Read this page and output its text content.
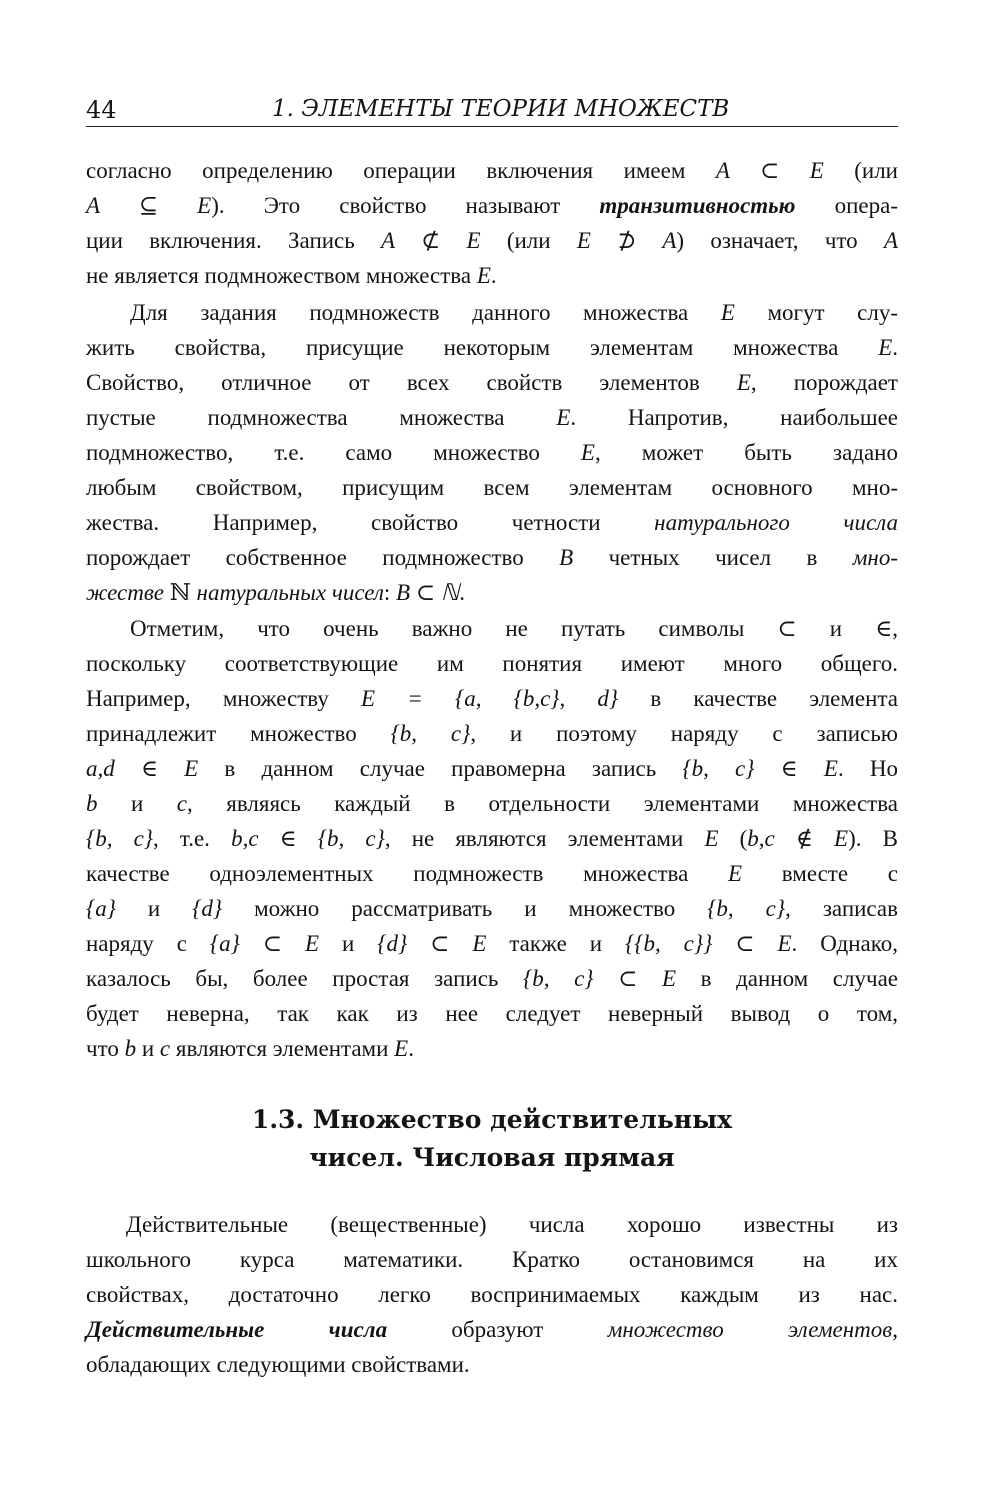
44	1. ЭЛЕМЕНТЫ ТЕОРИИ МНОЖЕСТВ
согласно определению операции включения имеем A ⊂ E (или
A ⊆ E). Это свойство называют транзитивностью опера-
ции включения. Запись A ⊄ E (или E ⊅ A) означает, что A
не является подмножеством множества E.
Для задания подмножеств данного множества E могут слу-
жить свойства, присущие некоторым элементам множества E.
Свойство, отличное от всех свойств элементов E, порождает
пустые подмножества множества E. Напротив, наибольшее
подмножество, т.е. само множество E, может быть задано
любым свойством, присущим всем элементам основного мно-
жества. Например, свойство четности натурального числа
порождает собственное подмножество B четных чисел в мно-
жестве ℕ натуральных чисел: B ⊂ ℕ.
Отметим, что очень важно не путать символы ⊂ и ∈,
поскольку соответствующие им понятия имеют много общего.
Например, множеству E = {a, {b,c}, d} в качестве элемента
принадлежит множество {b, c}, и поэтому наряду с записью
a,d ∈ E в данном случае правомерна запись {b, c} ∈ E. Но
b и c, являясь каждый в отдельности элементами множества
{b, c}, т.е. b,c ∈ {b, c}, не являются элементами E (b,c ∉ E). В
качестве одноэлементных подмножеств множества E вместе с
{a} и {d} можно рассматривать и множество {b, c}, записав
наряду с {a} ⊂ E и {d} ⊂ E также и {{b, c}} ⊂ E. Однако,
казалось бы, более простая запись {b, c} ⊂ E в данном случае
будет неверна, так как из нее следует неверный вывод о том,
что b и c являются элементами E.
1.3. Множество действительных
чисел. Числовая прямая
Действительные (вещественные) числа хорошо известны из
школьного курса математики. Кратко остановимся на их
свойствах, достаточно легко воспринимаемых каждым из нас.
Действительные числа образуют множество элементов,
обладающих следующими свойствами.
